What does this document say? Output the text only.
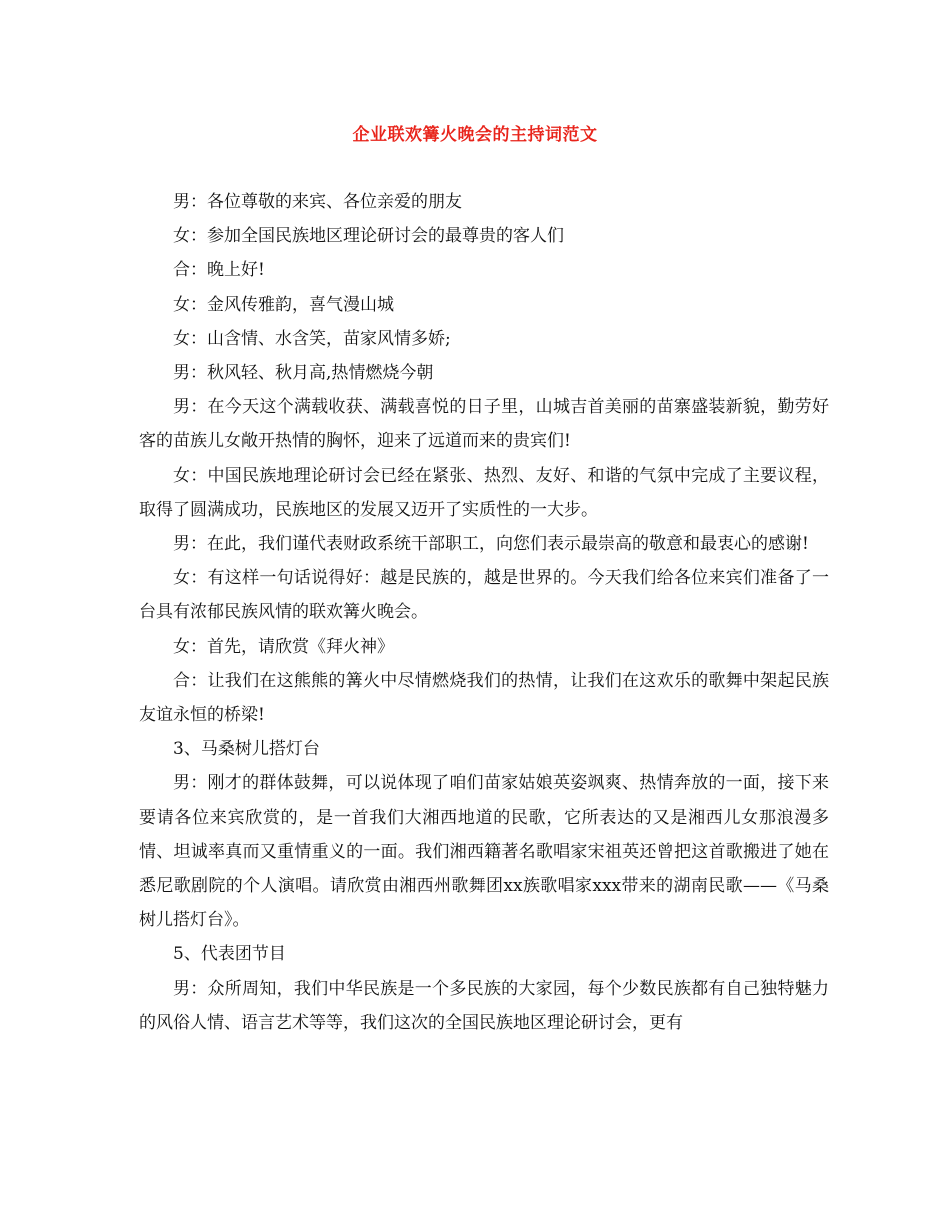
企业联欢篝火晚会的主持词范文

男：各位尊敬的来宾、各位亲爱的朋友

女：参加全国民族地区理论研讨会的最尊贵的客人们

合：晚上好!

女：金风传雅韵，喜气漫山城

女：山含情、水含笑，苗家风情多娇;

男：秋风轻、秋月高,热情燃烧今朝

男：在今天这个满载收获、满载喜悦的日子里，山城吉首美丽的苗寨盛装新貌，勤劳好客的苗族儿女敞开热情的胸怀，迎来了远道而来的贵宾们!

女：中国民族地理论研讨会已经在紧张、热烈、友好、和谐的气氛中完成了主要议程，取得了圆满成功，民族地区的发展又迈开了实质性的一大步。

男：在此，我们谨代表财政系统干部职工，向您们表示最崇高的敬意和最衷心的感谢!

女：有这样一句话说得好：越是民族的，越是世界的。今天我们给各位来宾们准备了一台具有浓郁民族风情的联欢篝火晚会。

女：首先，请欣赏《拜火神》

合：让我们在这熊熊的篝火中尽情燃烧我们的热情，让我们在这欢乐的歌舞中架起民族友谊永恒的桥梁!

3、马桑树儿搭灯台

男：刚才的群体鼓舞，可以说体现了咱们苗家姑娘英姿飒爽、热情奔放的一面，接下来要请各位来宾欣赏的，是一首我们大湘西地道的民歌，它所表达的又是湘西儿女那浪漫多情、坦诚率真而又重情重义的一面。我们湘西籍著名歌唱家宋祖英还曾把这首歌搬进了她在悉尼歌剧院的个人演唱。请欣赏由湘西州歌舞团xx族歌唱家xxx带来的湖南民歌——《马桑树儿搭灯台》。

5、代表团节目

男：众所周知，我们中华民族是一个多民族的大家园，每个少数民族都有自己独特魅力的风俗人情、语言艺术等等，我们这次的全国民族地区理论研讨会，更有
